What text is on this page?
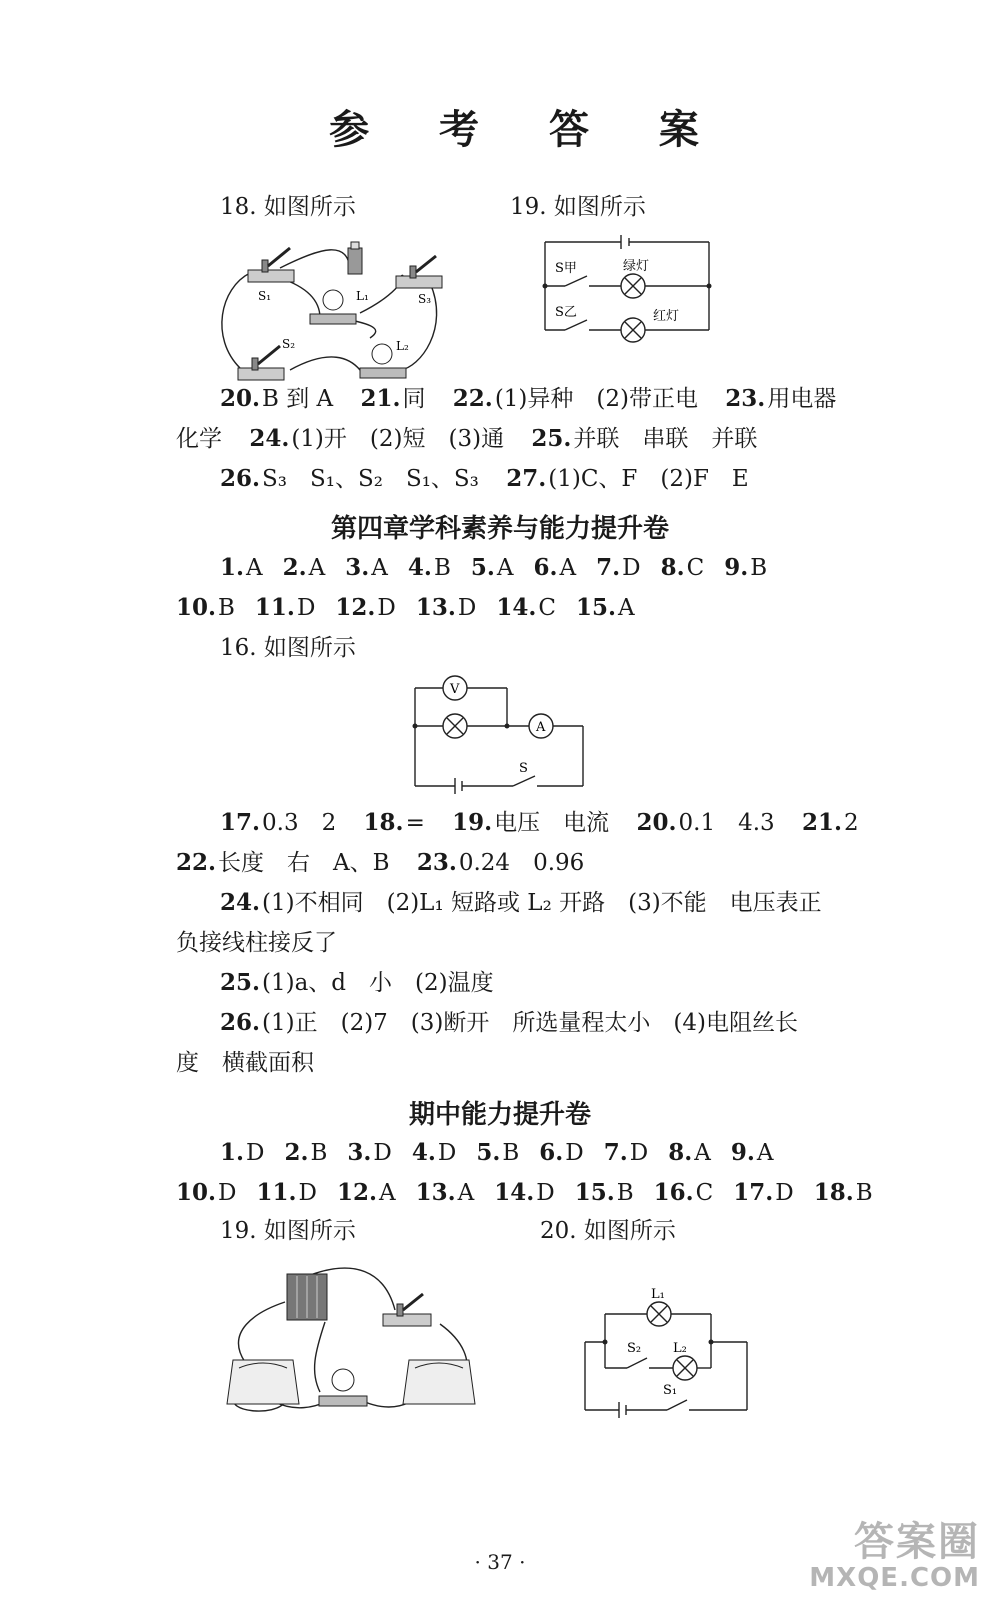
参 考 答 案
18. 如图所示	19. 如图所示
S₁	S₃
L₁
S₂	L₂
S甲
S乙
绿灯
红灯
20.B 到 A 21.同 22.(1)异种　(2)带正电 23.用电器
化学 24.(1)开　(2)短　(3)通 25.并联　串联　并联
26.S₃　S₁、S₂　S₁、S₃ 27.(1)C、F　(2)F　E
第四章学科素养与能力提升卷
1.A 2.A 3.A 4.B 5.A 6.A 7.D 8.C 9.B
10.B 11.D 12.D 13.D 14.C 15.A
16. 如图所示
V
A
S
17.0.3　2 18.= 19.电压　电流 20.0.1　4.3 21.2
22.长度　右　A、B 23.0.24　0.96
24.(1)不相同　(2)L₁ 短路或 L₂ 开路　(3)不能　电压表正
负接线柱接反了
25.(1)a、d　小　(2)温度
26.(1)正　(2)7　(3)断开　所选量程太小　(4)电阻丝长
度　横截面积
期中能力提升卷
1.D 2.B 3.D 4.D 5.B 6.D 7.D 8.A 9.A
10.D 11.D 12.A 13.A 14.D 15.B 16.C 17.D 18.B
19. 如图所示	20. 如图所示
L₁
L₂
S₂
S₁
· 37 ·	答案圈
MXQE.COM
